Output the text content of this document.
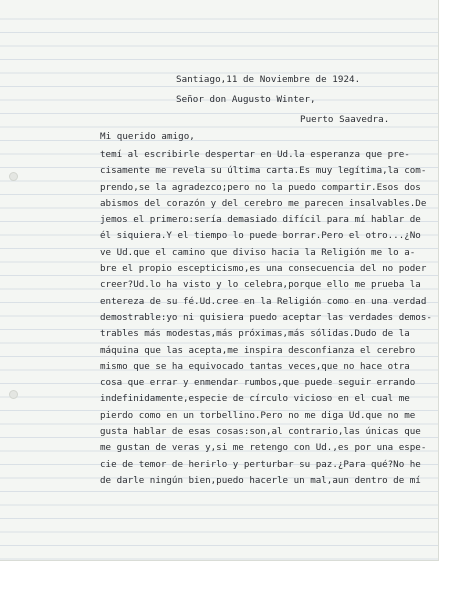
Santiago,11 de Noviembre de 1924.

Señor don Augusto Winter,

Puerto Saavedra.

Mi querido amigo,

temí al escribirle despertar en Ud.la esperanza que pre-
cisamente me revela su última carta.Es muy legítima,la com-
prendo,se la agradezco;pero no la puedo compartir.Esos dos
abismos del corazón y del cerebro me parecen insalvables.De
jemos el primero:sería demasiado difícil para mí hablar de
él siquiera.Y el tiempo lo puede borrar.Pero el otro...¿No
ve Ud.que el camino que diviso hacia la Religión me lo a-
bre el propio escepticismo,es una consecuencia del no poder
creer?Ud.lo ha visto y lo celebra,porque ello me prueba la
entereza de su fé.Ud.cree en la Religión como en una verdad
demostrable:yo ni quisiera puedo aceptar las verdades demos-
trables más modestas,más próximas,más sólidas.Dudo de la
máquina que las acepta,me inspira desconfianza el cerebro
mismo que se ha equivocado tantas veces,que no hace otra
cosa que errar y enmendar rumbos,que puede seguir errando
indefinidamente,especie de círculo vicioso en el cual me
pierdo como en un torbellino.Pero no me diga Ud.que no me
gusta hablar de esas cosas:son,al contrario,las únicas que
me gustan de veras y,si me retengo con Ud.,es por una espe-
cie de temor de herirlo y perturbar su paz.¿Para qué?No he
de darle ningún bien,puedo hacerle un mal,aun dentro de mí
